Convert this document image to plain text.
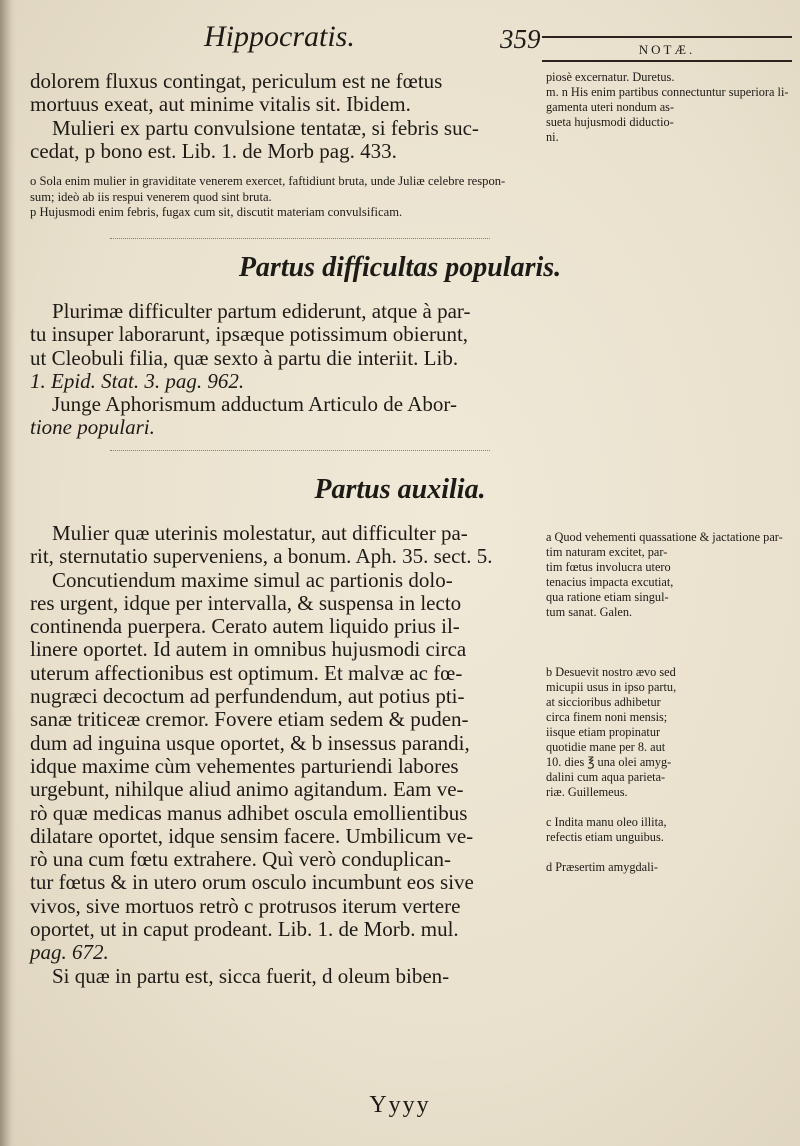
Hippocratis.	359	NOTÆ.

dolorem fluxus contingat, periculum est ne fœtus

mortuus exeat, aut minime vitalis sit. Ibidem.

Mulieri ex partu convulsione tentatæ, si febris suc-

cedat, p bono est. Lib. 1. de Morb pag. 433.

piosè excernatur. Duretus.

m. n His enim partibus connectuntur superiora li-

gamenta uteri nondum as-

sueta hujusmodi diductio-

ni.

o Sola enim mulier in graviditate venerem exercet, faftidiunt bruta, unde Juliæ celebre respon-

sum; ideò ab iis respui venerem quod sint bruta.

p Hujusmodi enim febris, fugax cum sit, discutit materiam convulsificam.

Partus difficultas popularis.

Plurimæ difficulter partum ediderunt, atque à par-

tu insuper laborarunt, ipsæque potissimum obierunt,

ut Cleobuli filia, quæ sexto à partu die interiit. Lib.

1. Epid. Stat. 3. pag. 962.

Junge Aphorismum adductum Articulo de Abor-

tione populari.

Partus auxilia.

Mulier quæ uterinis molestatur, aut difficulter pa-

rit, sternutatio superveniens, a bonum. Aph. 35. sect. 5.

Concutiendum maxime simul ac partionis dolo-

res urgent, idque per intervalla, & suspensa in lecto

continenda puerpera. Cerato autem liquido prius il-

linere oportet. Id autem in omnibus hujusmodi circa

uterum affectionibus est optimum. Et malvæ ac fœ-

nugræci decoctum ad perfundendum, aut potius pti-

sanæ triticeæ cremor. Fovere etiam sedem & puden-

dum ad inguina usque oportet, & b insessus parandi,

idque maxime cùm vehementes parturiendi labores

urgebunt, nihilque aliud animo agitandum. Eam ve-

rò quæ medicas manus adhibet oscula emollientibus

dilatare oportet, idque sensim facere. Umbilicum ve-

rò una cum fœtu extrahere. Quì verò conduplican-

tur fœtus & in utero orum osculo incumbunt eos sive

vivos, sive mortuos retrò c protrusos iterum vertere

oportet, ut in caput prodeant. Lib. 1. de Morb. mul.

pag. 672.

Si quæ in partu est, sicca fuerit, d oleum biben-

a Quod vehementi quassatione & jactatione par-

tim naturam excitet, par-

tim fœtus involucra utero

tenacius impacta excutiat,

qua ratione etiam singul-

tum sanat. Galen.

b Desuevit nostro ævo sed

micupii usus in ipso partu,

at siccioribus adhibetur

circa finem noni mensis;

iisque etiam propinatur

quotidie mane per 8. aut

10. dies ℥ una olei amyg-

dalini cum aqua parieta-

riæ. Guillemeus.

c Indita manu oleo illita,

refectis etiam unguibus.

d Præsertim amygdali-

Yyyy
